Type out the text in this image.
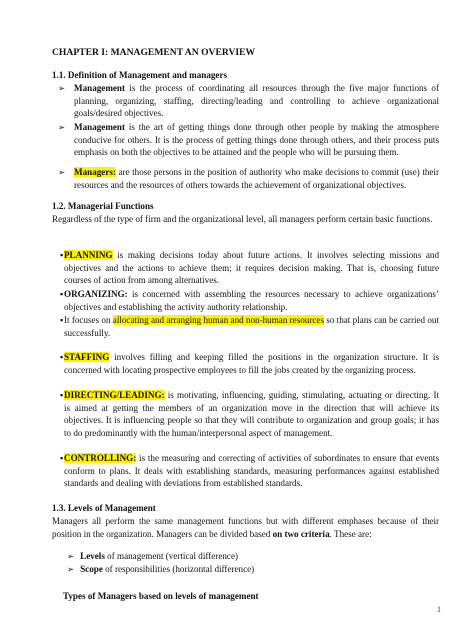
CHAPTER I: MANAGEMENT AN OVERVIEW
1.1. Definition of Management and managers
➢ Management is the process of coordinating all resources through the five major functions of planning, organizing, staffing, directing/leading and controlling to achieve organizational goals/desired objectives.
➢ Management is the art of getting things done through other people by making the atmosphere conducive for others. It is the process of getting things done through others, and their process puts emphasis on both the objectives to be attained and the people who will be pursuing them.
➢ Managers: are those persons in the position of authority who make decisions to commit (use) their resources and the resources of others towards the achievement of organizational objectives.
1.2. Managerial Functions
Regardless of the type of firm and the organizational level, all managers perform certain basic functions.
▪ PLANNING is making decisions today about future actions. It involves selecting missions and objectives and the actions to achieve them; it requires decision making. That is, choosing future courses of action from among alternatives.
▪ ORGANIZING: is concerned with assembling the resources necessary to achieve organizations’ objectives and establishing the activity authority relationship.
▪ It focuses on allocating and arranging human and non-human resources so that plans can be carried out successfully.
▪ STAFFING involves filling and keeping filled the positions in the organization structure. It is concerned with locating prospective employees to fill the jobs created by the organizing process.
▪ DIRECTING/LEADING: is motivating, influencing, guiding, stimulating, actuating or directing. It is aimed at getting the members of an organization move in the direction that will achieve its objectives. It is influencing people so that they will contribute to organization and group goals; it has to do predominantly with the human/interpersonal aspect of management.
▪ CONTROLLING: is the measuring and correcting of activities of subordinates to ensure that events conform to plans. It deals with establishing standards, measuring performances against established standards and dealing with deviations from established standards.
1.3. Levels of Management
Managers all perform the same management functions but with different emphases because of their position in the organization. Managers can be divided based on two criteria. These are:
➢ Levels of management (vertical difference)
➢ Scope of responsibilities (horizontal difference)
Types of Managers based on levels of management
1
